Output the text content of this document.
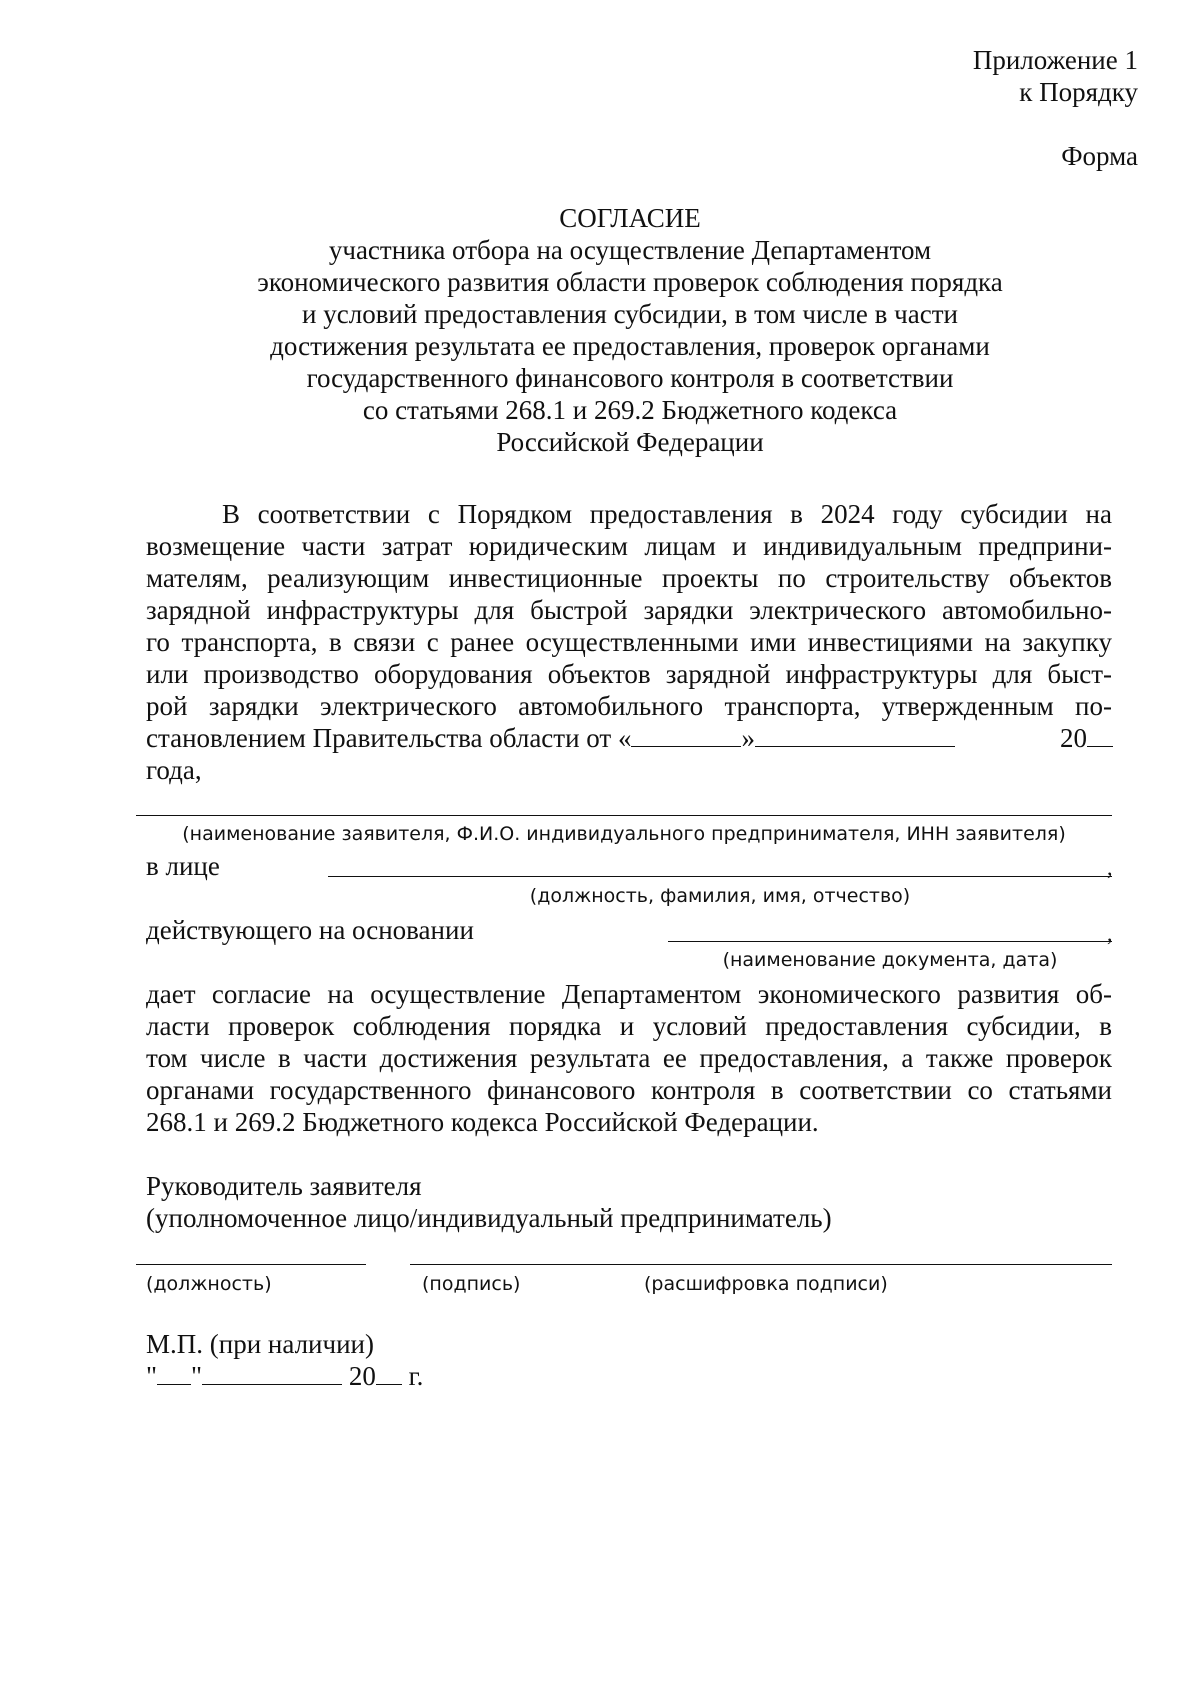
Приложение 1
к Порядку
Форма
СОГЛАСИЕ
участника отбора на осуществление Департаментом
экономического развития области проверок соблюдения порядка
и условий предоставления субсидии, в том числе в части
достижения результата ее предоставления, проверок органами
государственного финансового контроля в соответствии
со статьями 268.1 и 269.2 Бюджетного кодекса
Российской Федерации
В соответствии с Порядком предоставления в 2024 году субсидии на
возмещение части затрат юридическим лицам и индивидуальным предприни-
мателям, реализующим инвестиционные проекты по строительству объектов
зарядной инфраструктуры для быстрой зарядки электрического автомобильно-
го транспорта, в связи с ранее осуществленными ими инвестициями на закупку
или производство оборудования объектов зарядной инфраструктуры для быст-
рой зарядки электрического автомобильного транспорта, утвержденным по-
становлением Правительства области от «	»	20
года,
(наименование заявителя, Ф.И.О. индивидуального предпринимателя, ИНН заявителя)
в лице	,
(должность, фамилия, имя, отчество)
действующего на основании	,
(наименование документа, дата)
дает согласие на осуществление Департаментом экономического развития об-
ласти проверок соблюдения порядка и условий предоставления субсидии, в
том числе в части достижения результата ее предоставления, а также проверок
органами государственного финансового контроля в соответствии со статьями
268.1 и 269.2 Бюджетного кодекса Российской Федерации.
Руководитель заявителя
(уполномоченное лицо/индивидуальный предприниматель)
(должность)	(подпись)	(расшифровка подписи)
М.П. (при наличии)
" "	20 г.
